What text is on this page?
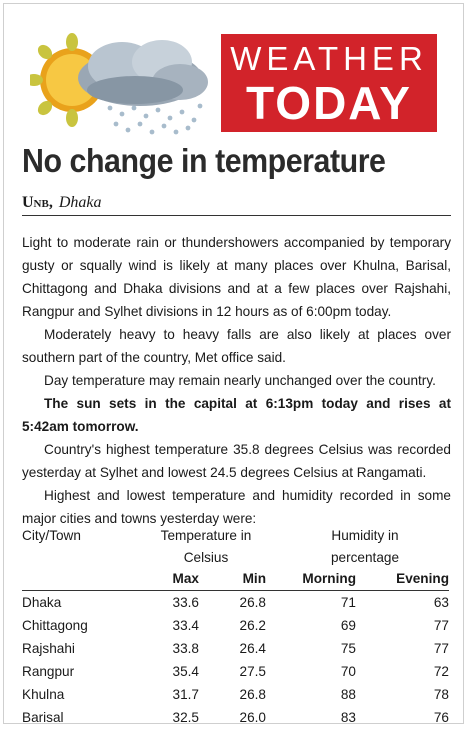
WEATHER
TODAY
No change in temperature
Unb, Dhaka

Light to moderate rain or thundershowers accompanied by temporary gusty or squally wind is likely at many places over Khulna, Barisal, Chittagong and Dhaka divisions and at a few places over Rajshahi, Rangpur and Sylhet divisions in 12 hours as of 6:00pm today.

Moderately heavy to heavy falls are also likely at places over southern part of the country, Met office said.

Day temperature may remain nearly unchanged over the country.

The sun sets in the capital at 6:13pm today and rises at 5:42am tomorrow.

Country's highest temperature 35.8 degrees Celsius was recorded yesterday at Sylhet and lowest 24.5 degrees Celsius at Rangamati.

Highest and lowest temperature and humidity recorded in some major cities and towns yesterday were:

City/Town	Temperature in Celsius
Humidity in percentage

	Max	Min	Morning	Evening
Dhaka	33.6	26.8	71	63
Chittagong	33.4	26.2	69	77
Rajshahi	33.8	26.4	75	77
Rangpur	35.4	27.5	70	72
Khulna	31.7	26.8	88	78
Barisal	32.5	26.0	83	76
